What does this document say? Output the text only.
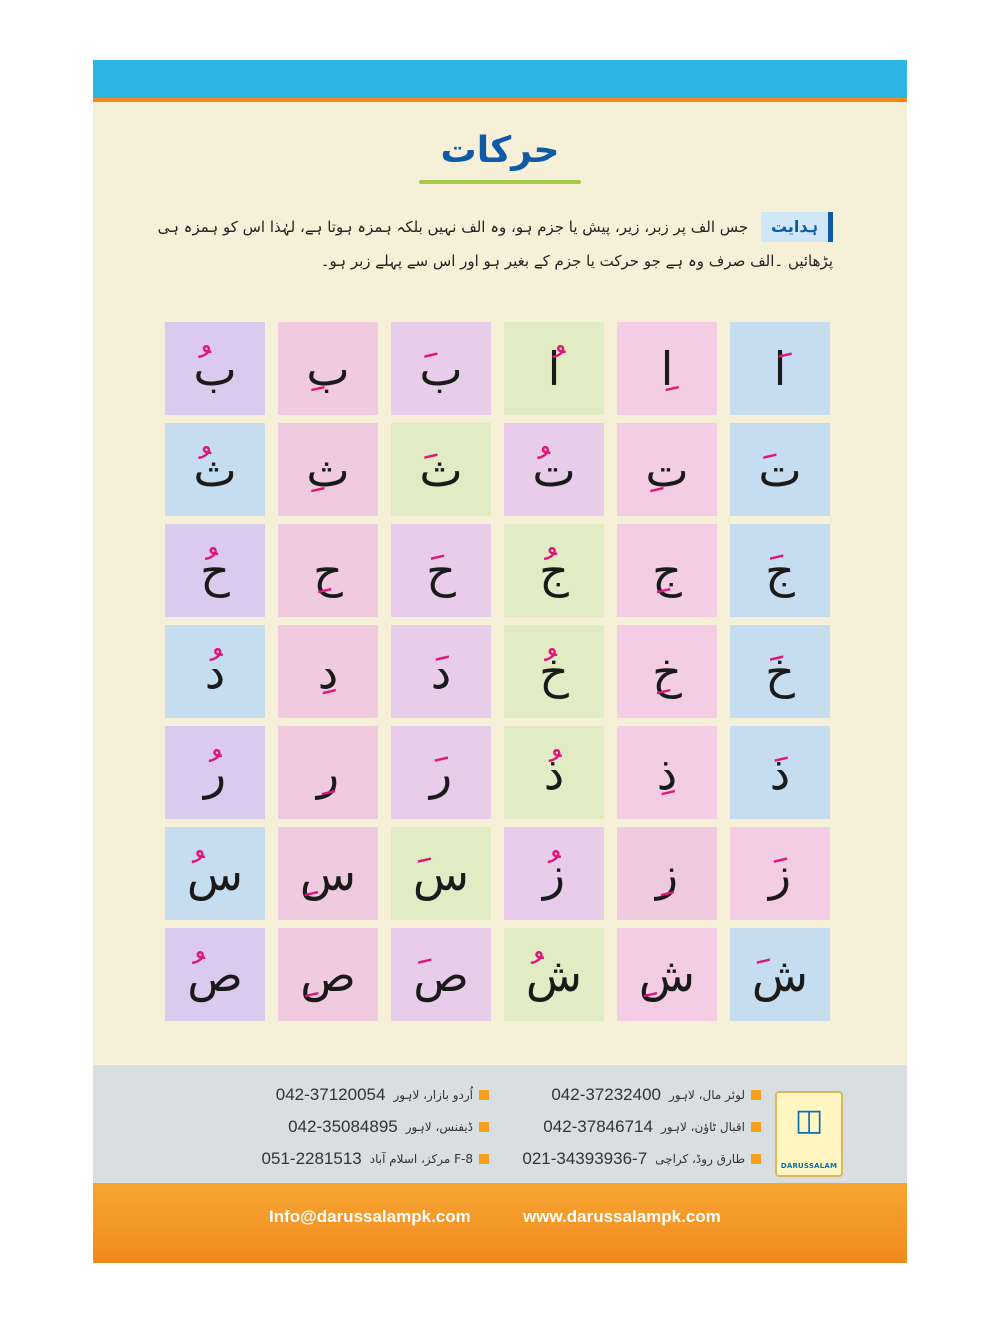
حرکات
ہدایت جس الف پر زبر، زیر، پیش یا جزم ہو، وہ الف نہیں بلکہ ہمزہ ہوتا ہے، لہٰذا اس کو ہمزہ ہی پڑھائیں ۔الف صرف وہ ہے جو حرکت یا جزم کے بغیر ہو اور اس سے پہلے زبر ہو۔
ا
ا
ا
ب
ب
ب
ت
ت
ت
ث
ث
ث
ج
ج
ج
ح
ح
ح
خ
خ
خ
د
د
د
ذ
ذ
ذ
ر
ر
ر
ز
ز
ز
س
س
س
ش
ش
ش
ص
ص
ص
◫
DARUSSALAM
لوئر مال، لاہور
042-37232400
اُردو بازار، لاہور
042-37120054
اقبال ٹاؤن، لاہور
042-37846714
ڈیفنس، لاہور
042-35084895
طارق روڈ، کراچی
021-34393936-7
F-8 مرکز، اسلام آباد
051-2281513
Info@darussalampk.com	www.darussalampk.com
